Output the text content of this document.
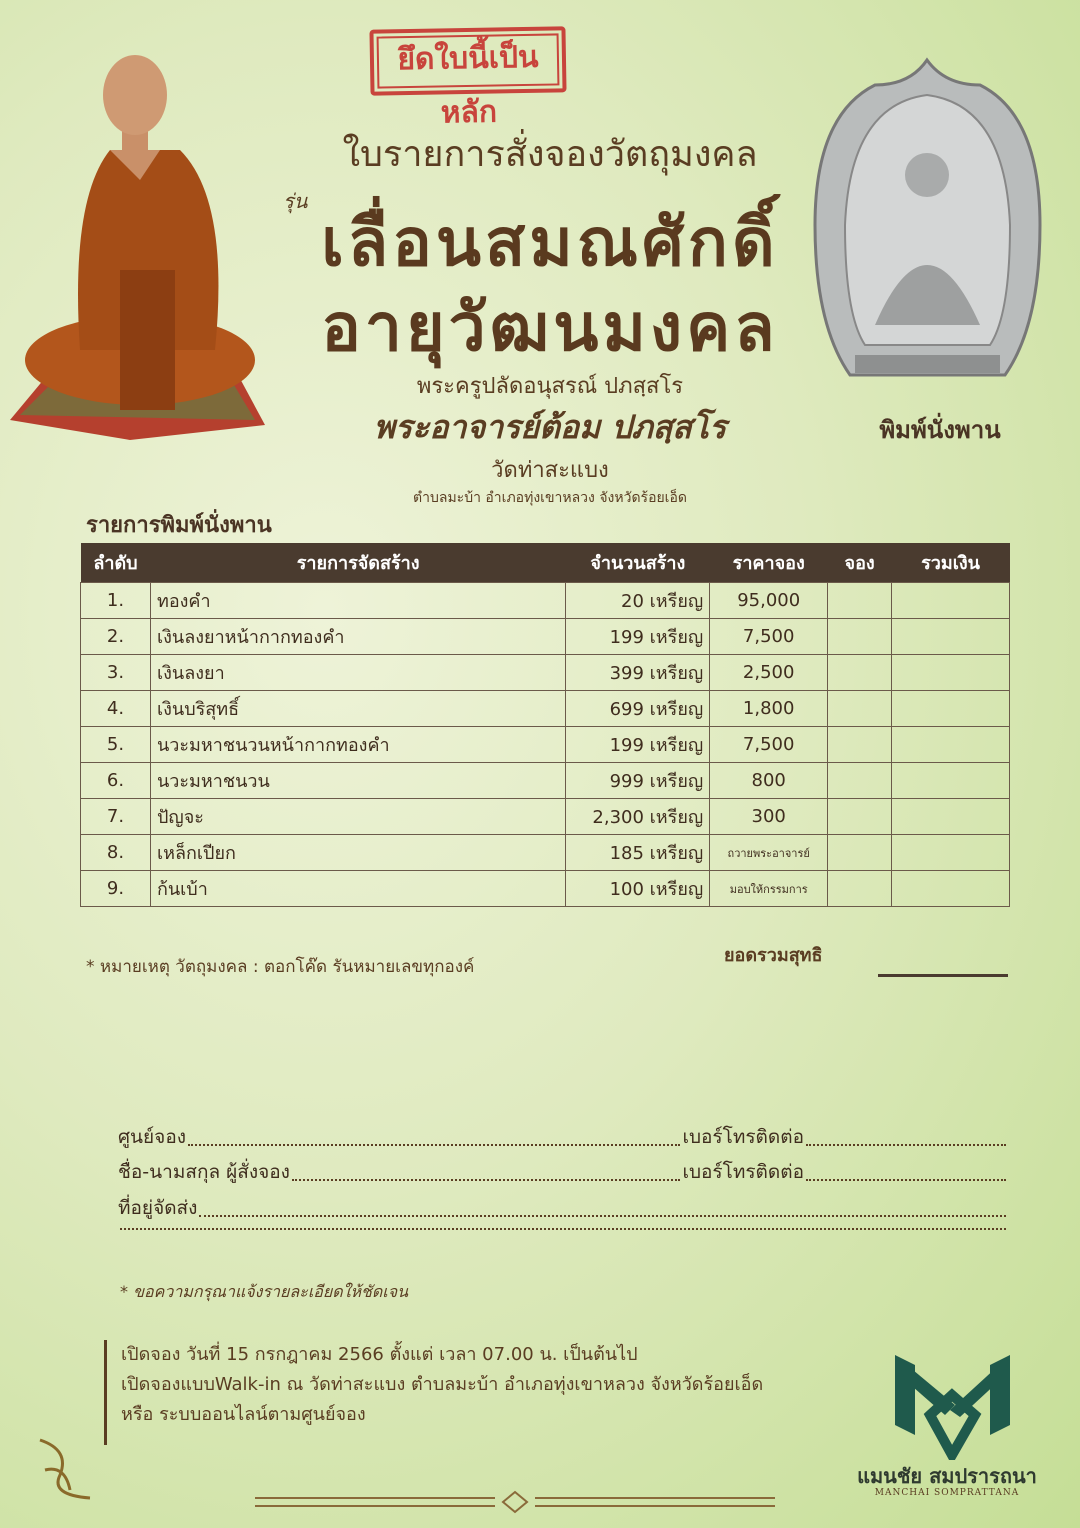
ยึดใบนี้เป็นหลัก
ใบรายการสั่งจองวัตถุมงคล
รุ่น
เลื่อนสมณศักดิ์
อายุวัฒนมงคล
พระครูปลัดอนุสรณ์ ปภสฺสโร
พระอาจารย์ต้อม ปภสฺสโร
วัดท่าสะแบง
ตำบลมะบ้า อำเภอทุ่งเขาหลวง จังหวัดร้อยเอ็ด
พิมพ์นั่งพาน
รายการพิมพ์นั่งพาน
ลำดับ	รายการจัดสร้าง	จำนวนสร้าง	ราคาจอง	จอง	รวมเงิน
1.	ทองคำ	20 เหรียญ	95,000		
2.	เงินลงยาหน้ากากทองคำ	199 เหรียญ	7,500		
3.	เงินลงยา	399 เหรียญ	2,500		
4.	เงินบริสุทธิ์	699 เหรียญ	1,800		
5.	นวะมหาชนวนหน้ากากทองคำ	199 เหรียญ	7,500		
6.	นวะมหาชนวน	999 เหรียญ	800		
7.	ปัญจะ	2,300 เหรียญ	300		
8.	เหล็กเปียก	185 เหรียญ	ถวายพระอาจารย์		
9.	ก้นเบ้า	100 เหรียญ	มอบให้กรรมการ		
* หมายเหตุ วัตถุมงคล : ตอกโค๊ด รันหมายเลขทุกองค์
ยอดรวมสุทธิ
ศูนย์จอง	เบอร์โทรติดต่อ
ชื่อ-นามสกุล ผู้สั่งจอง	เบอร์โทรติดต่อ
ที่อยู่จัดส่ง
* ขอความกรุณาแจ้งรายละเอียดให้ชัดเจน
เปิดจอง วันที่ 15 กรกฎาคม 2566 ตั้งแต่ เวลา 07.00 น. เป็นต้นไป
เปิดจองแบบWalk-in ณ วัดท่าสะแบง ตำบลมะบ้า อำเภอทุ่งเขาหลวง จังหวัดร้อยเอ็ด
หรือ ระบบออนไลน์ตามศูนย์จอง
แมนชัย สมปรารถนา
MANCHAI SOMPRATTANA
